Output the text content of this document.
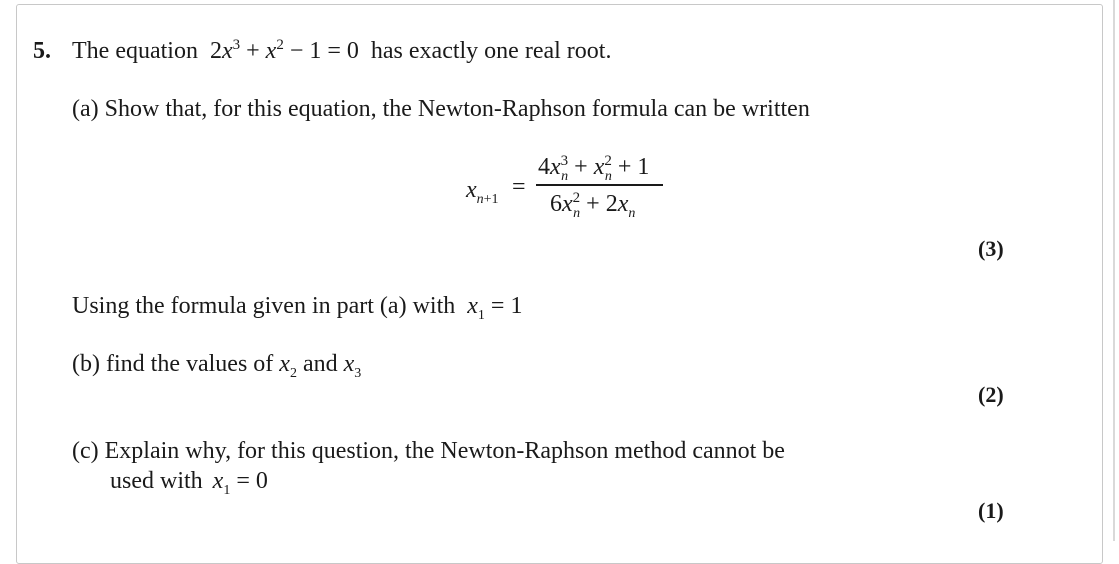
5. The equation $2x^3 + x^2 - 1 = 0$ has exactly one real root.
(a) Show that, for this equation, the Newton-Raphson formula can be written
$x_{n+1}$ =
$4x^3_n + x^2_n + 1$
$6x^2_n + 2x_n$
(3)
Using the formula given in part (a) with $x_1 = 1$
(b) find the values of $x_2$ and $x_3$
(2)
(c) Explain why, for this question, the Newton-Raphson method cannot be
used with $x_1 = 0$
(1)
